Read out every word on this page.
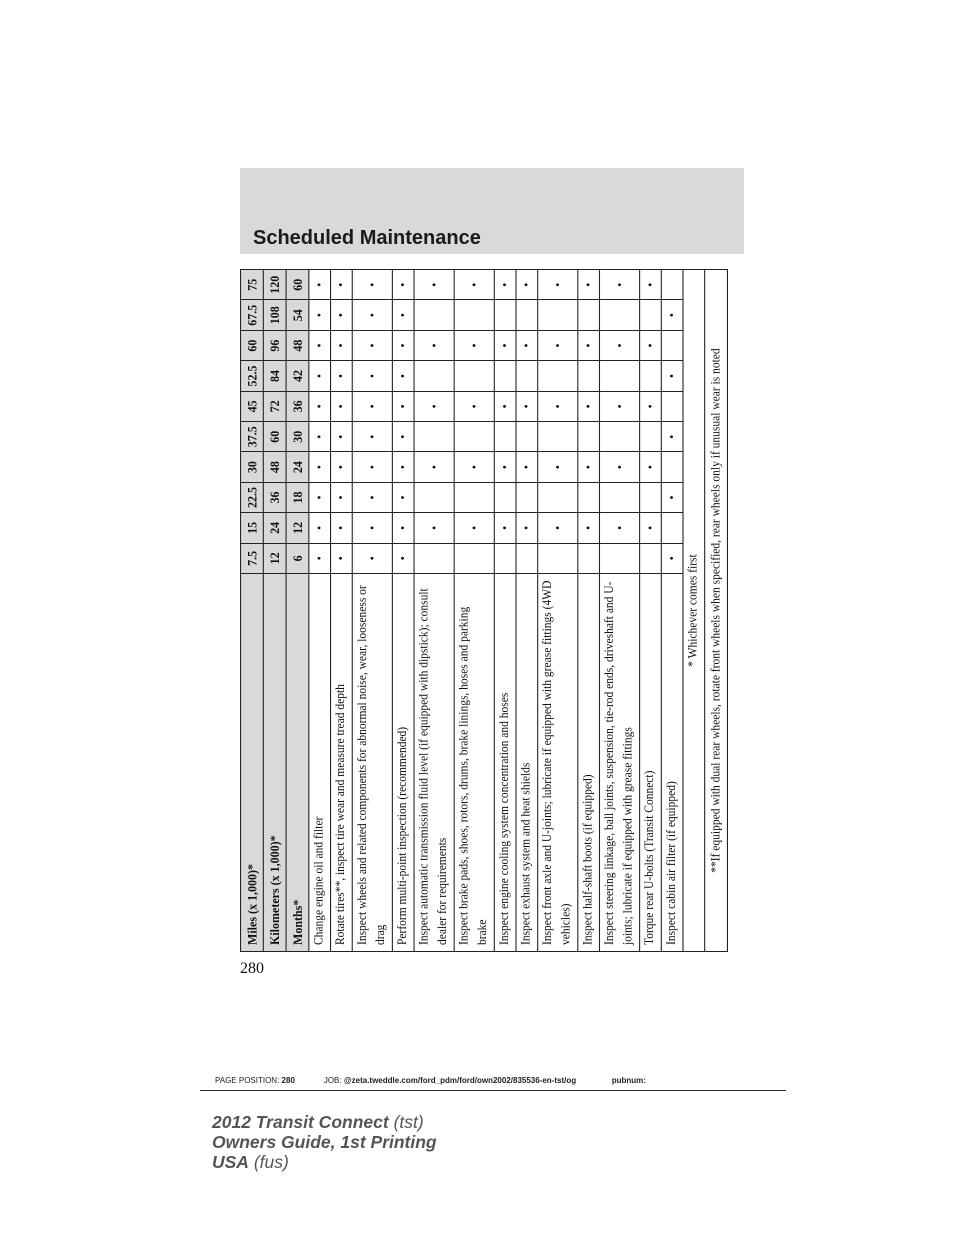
Scheduled Maintenance
Miles (x 1,000)*	7.5	15	22.5	30	37.5	45	52.5	60	67.5	75
Kilometers (x 1,000)*	12	24	36	48	60	72	84	96	108	120
Months*	6	12	18	24	30	36	42	48	54	60
Change engine oil and filter	•	•	•	•	•	•	•	•	•	•
Rotate tires**, inspect tire wear and measure tread depth	•	•	•	•	•	•	•	•	•	•
Inspect wheels and related components for abnormal noise, wear, looseness or drag	•	•	•	•	•	•	•	•	•	•
Perform multi-point inspection (recommended)	•	•	•	•	•	•	•	•	•	•
Inspect automatic transmission fluid level (if equipped with dipstick); consult dealer for requirements		•		•		•		•		•
Inspect brake pads, shoes, rotors, drums, brake linings, hoses and parking brake		•		•		•		•		•
Inspect engine cooling system concentration and hoses		•		•		•		•		•
Inspect exhaust system and heat shields		•		•		•		•		•
Inspect front axle and U-joints; lubricate if equipped with grease fittings (4WD vehicles)		•		•		•		•		•
Inspect half-shaft boots (if equipped)		•		•		•		•		•
Inspect steering linkage, ball joints, suspension, tie-rod ends, driveshaft and U-joints; lubricate if equipped with grease fittings		•		•		•		•		•
Torque rear U-bolts (Transit Connect)		•		•		•		•		•
Inspect cabin air filter (if equipped)	•		•		•		•		•	
* Whichever comes first										
**If equipped with dual rear wheels, rotate front wheels when specified, rear wheels only if unusual wear is noted										
280
PAGE POSITION: 280	JOB: @zeta.tweddle.com/ford_pdm/ford/own2002/835536-en-tst/og	pubnum:
2012 Transit Connect (tst)
Owners Guide, 1st Printing
USA (fus)
